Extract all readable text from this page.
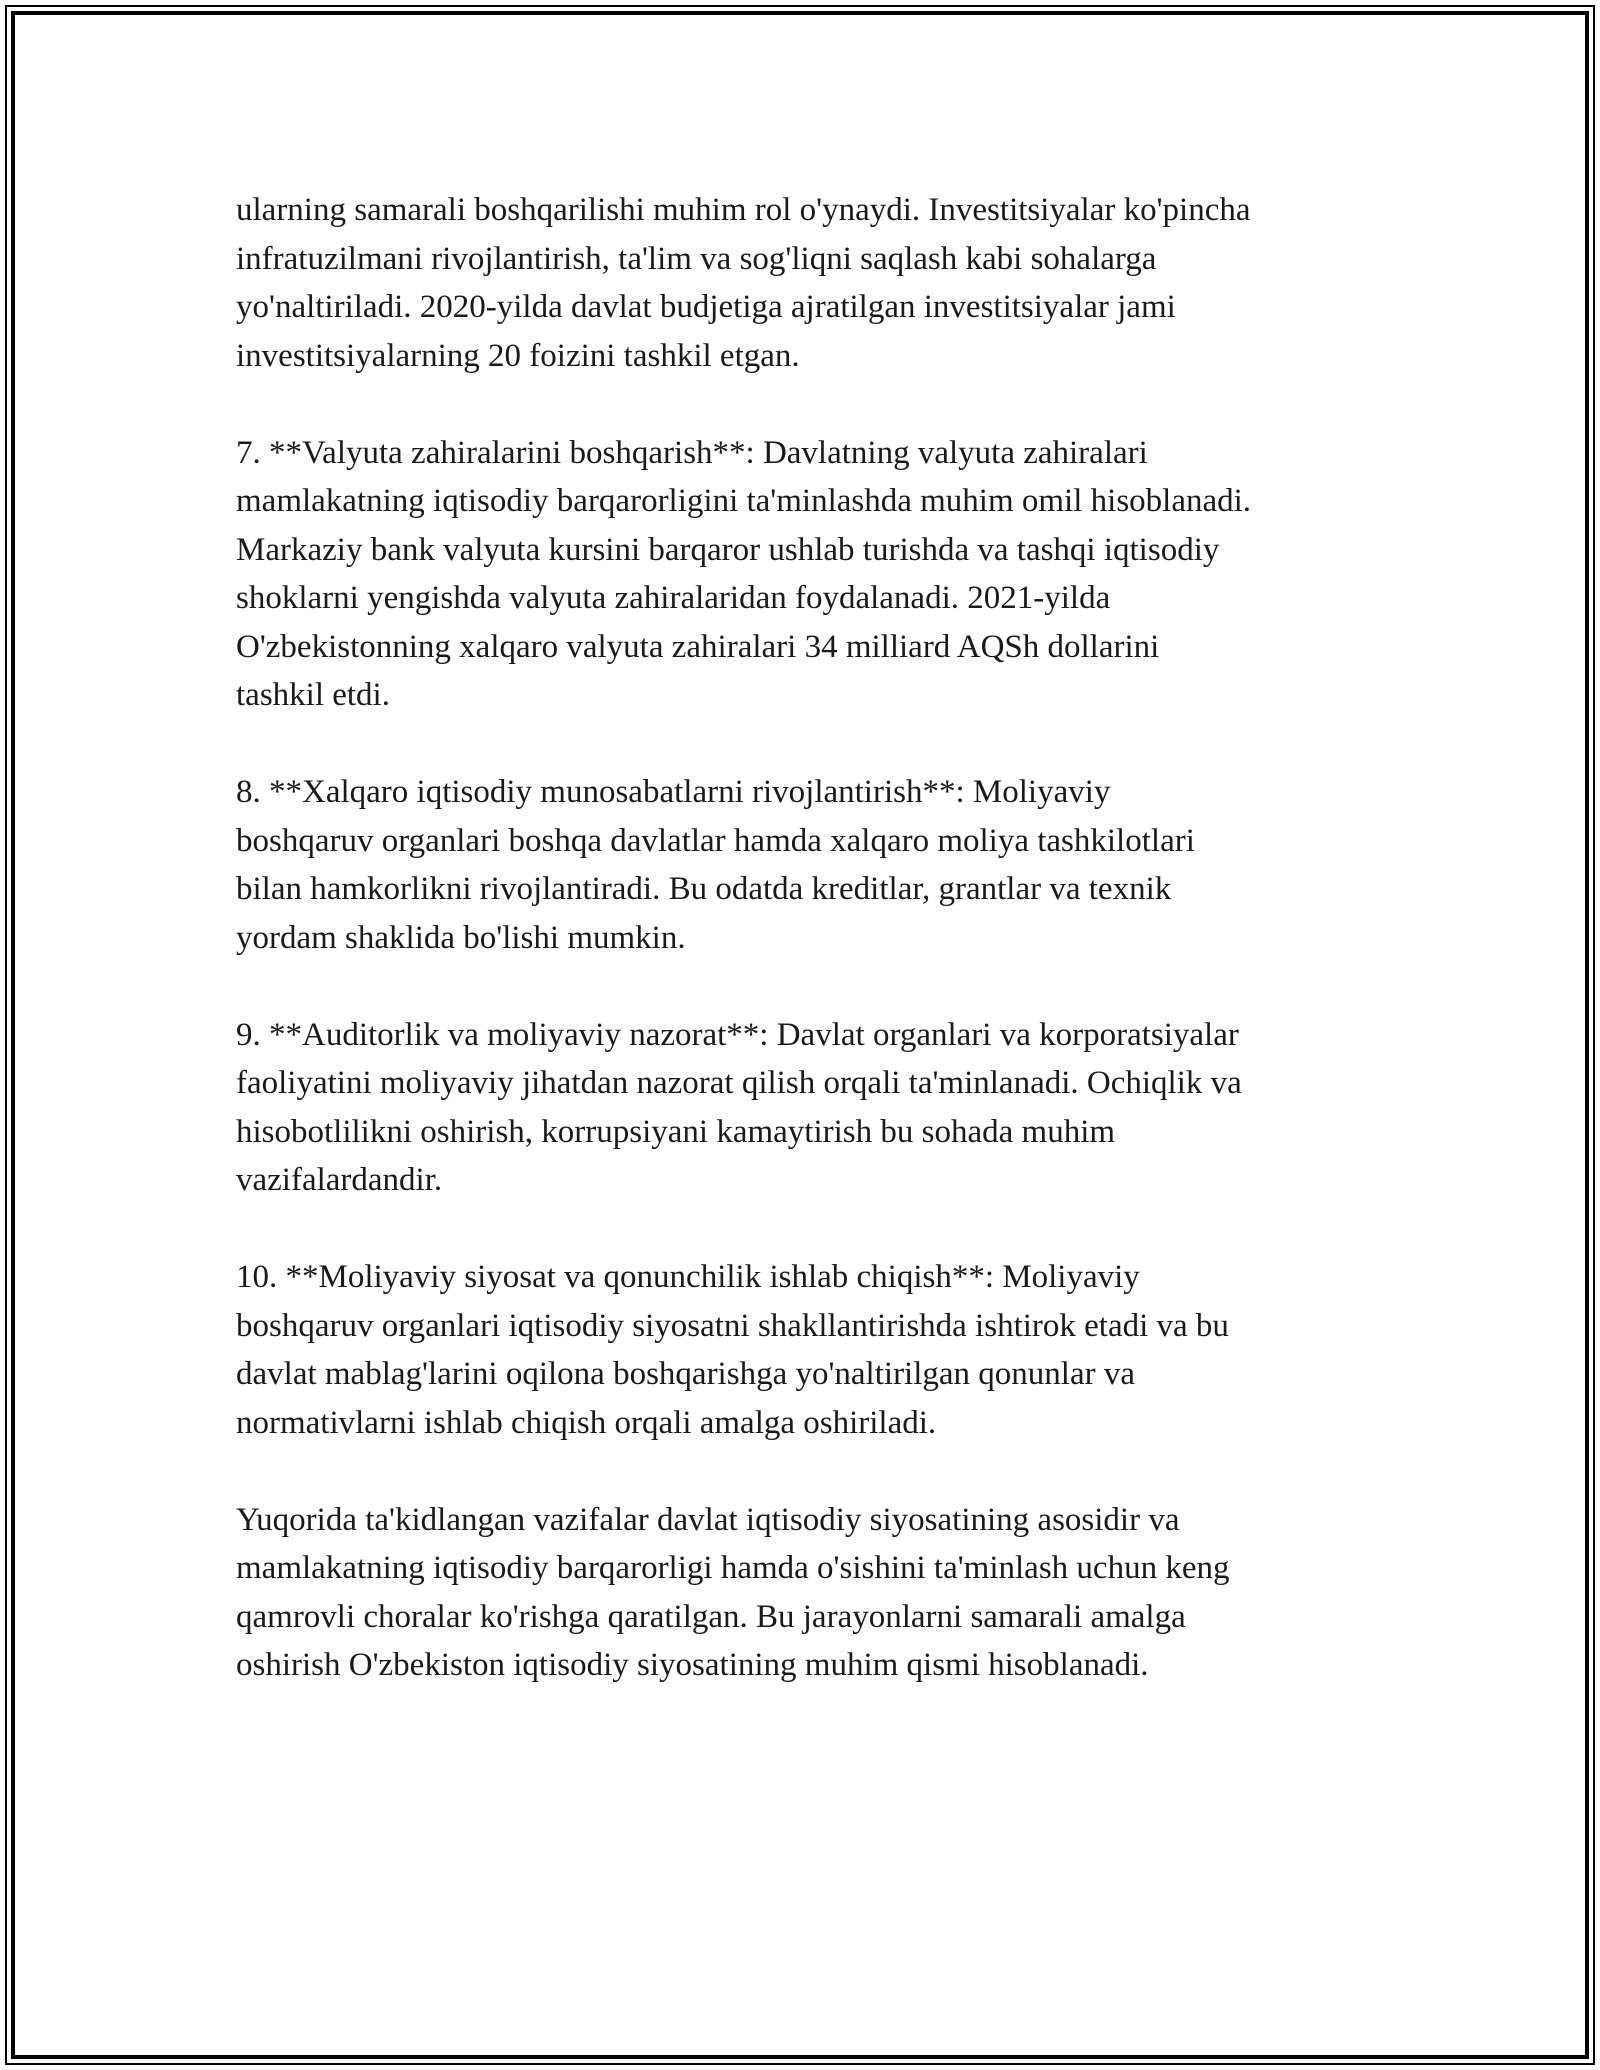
ularning samarali boshqarilishi muhim rol o'ynaydi. Investitsiyalar ko'pincha
infratuzilmani rivojlantirish, ta'lim va sog'liqni saqlash kabi sohalarga
yo'naltiriladi. 2020-yilda davlat budjetiga ajratilgan investitsiyalar jami
investitsiyalarning 20 foizini tashkil etgan.

7. **Valyuta zahiralarini boshqarish**: Davlatning valyuta zahiralari
mamlakatning iqtisodiy barqarorligini ta'minlashda muhim omil hisoblanadi.
Markaziy bank valyuta kursini barqaror ushlab turishda va tashqi iqtisodiy
shoklarni yengishda valyuta zahiralaridan foydalanadi. 2021-yilda
O'zbekistonning xalqaro valyuta zahiralari 34 milliard AQSh dollarini
tashkil etdi.

8. **Xalqaro iqtisodiy munosabatlarni rivojlantirish**: Moliyaviy
boshqaruv organlari boshqa davlatlar hamda xalqaro moliya tashkilotlari
bilan hamkorlikni rivojlantiradi. Bu odatda kreditlar, grantlar va texnik
yordam shaklida bo'lishi mumkin.

9. **Auditorlik va moliyaviy nazorat**: Davlat organlari va korporatsiyalar
faoliyatini moliyaviy jihatdan nazorat qilish orqali ta'minlanadi. Ochiqlik va
hisobotlilikni oshirish, korrupsiyani kamaytirish bu sohada muhim
vazifalardandir.

10. **Moliyaviy siyosat va qonunchilik ishlab chiqish**: Moliyaviy
boshqaruv organlari iqtisodiy siyosatni shakllantirishda ishtirok etadi va bu
davlat mablag'larini oqilona boshqarishga yo'naltirilgan qonunlar va
normativlarni ishlab chiqish orqali amalga oshiriladi.

Yuqorida ta'kidlangan vazifalar davlat iqtisodiy siyosatining asosidir va
mamlakatning iqtisodiy barqarorligi hamda o'sishini ta'minlash uchun keng
qamrovli choralar ko'rishga qaratilgan. Bu jarayonlarni samarali amalga
oshirish O'zbekiston iqtisodiy siyosatining muhim qismi hisoblanadi.
